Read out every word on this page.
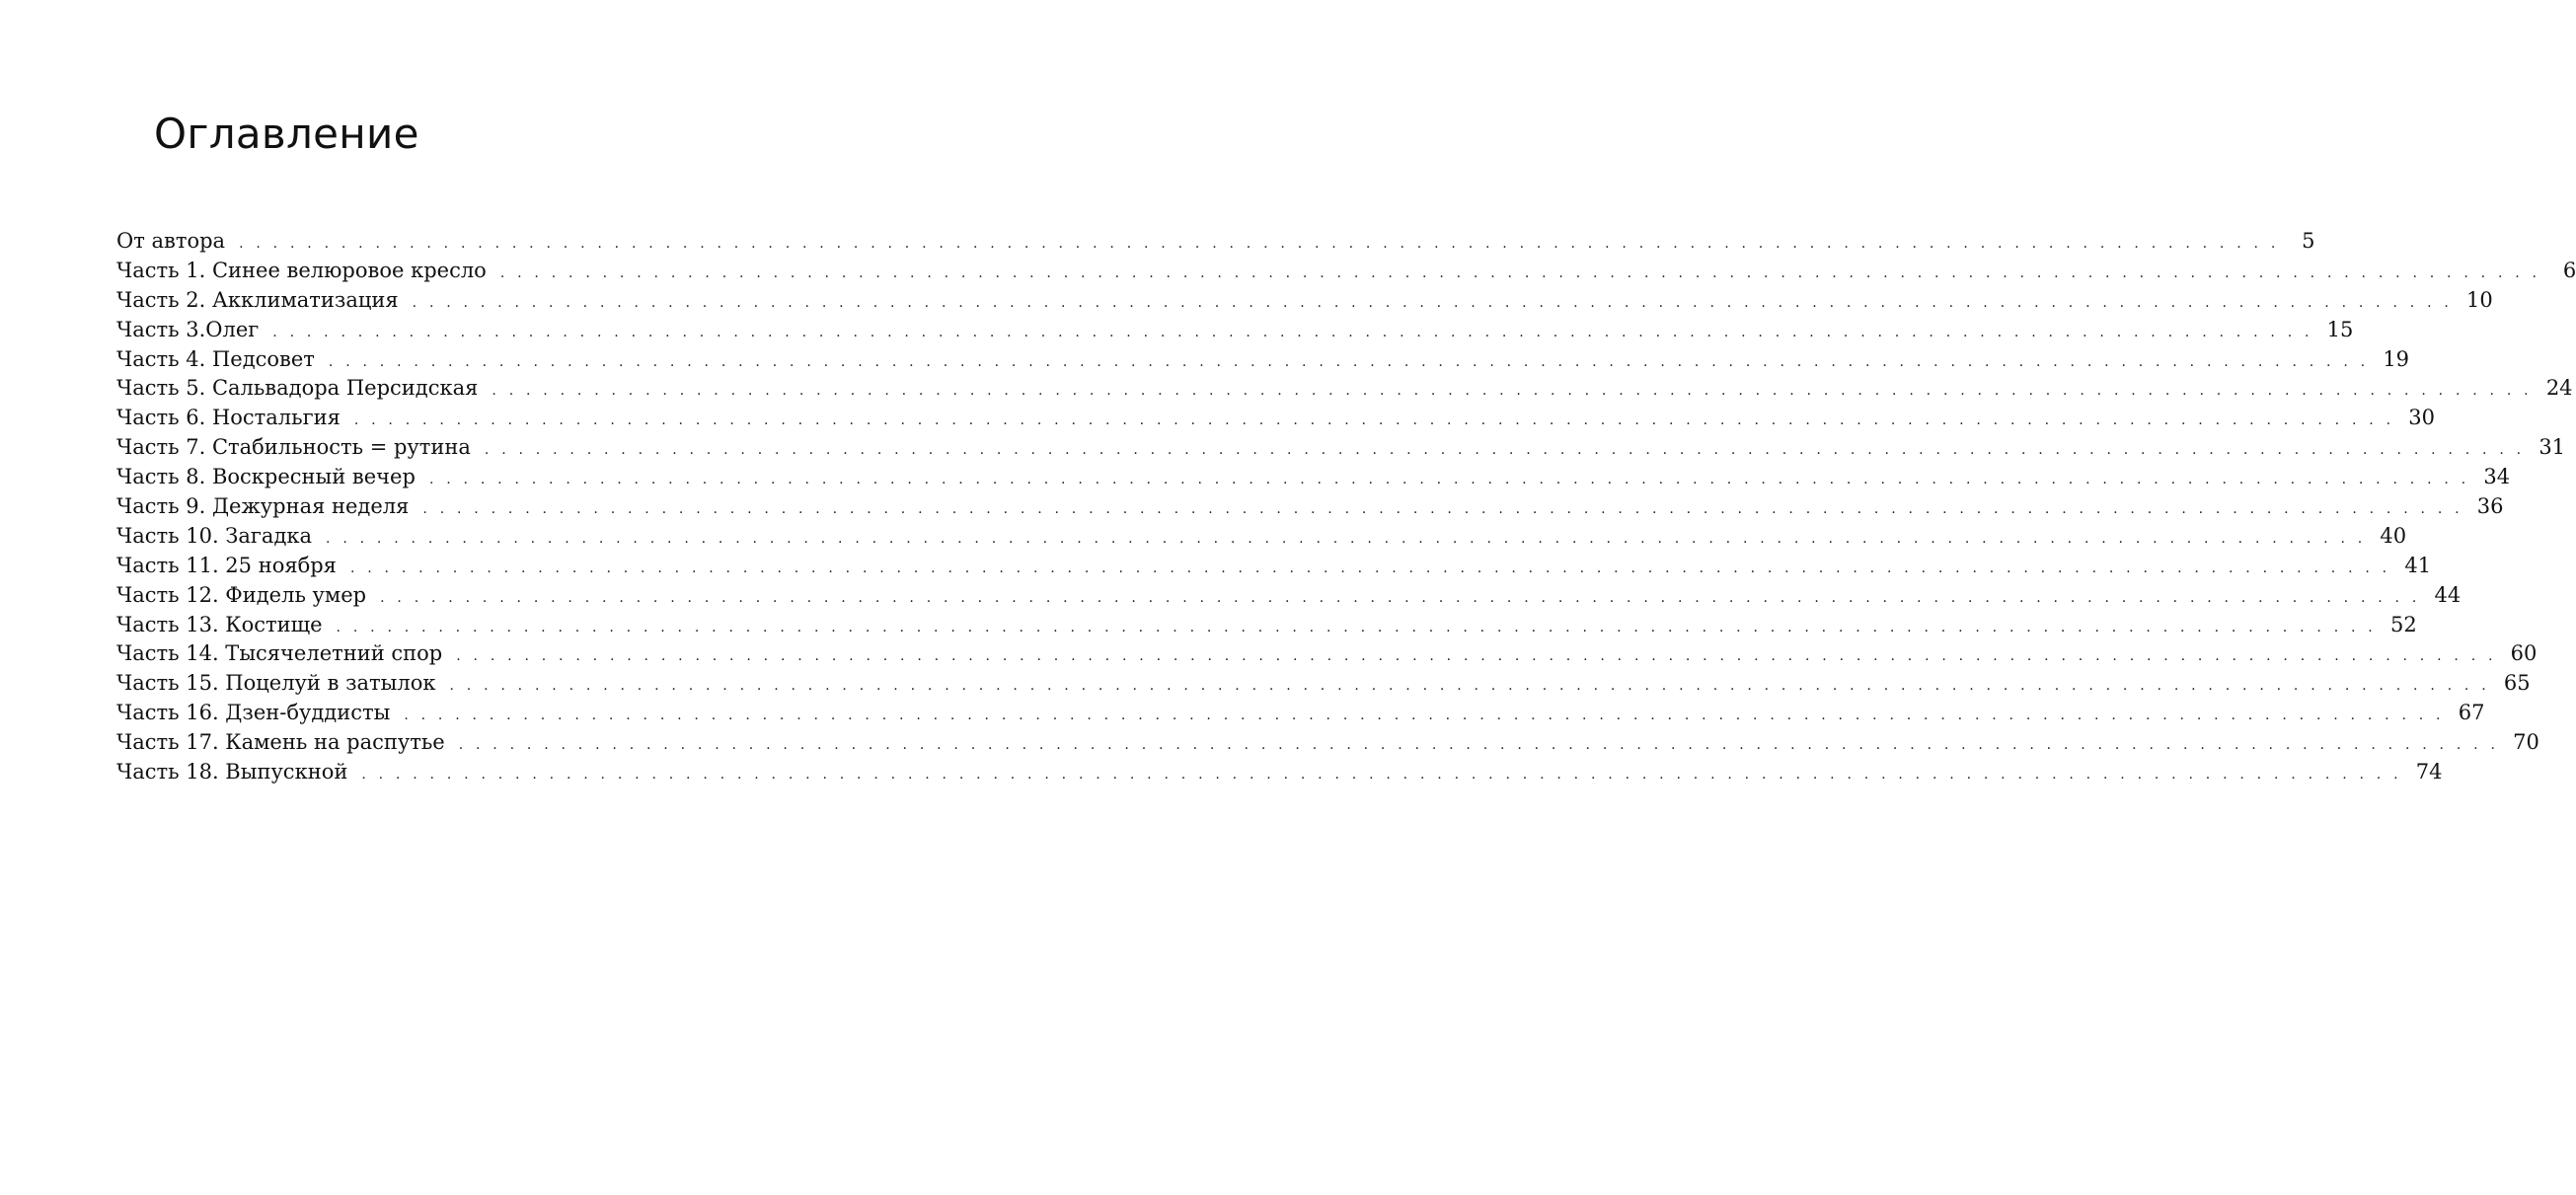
Оглавление
От автора . . . . . . . . . . . . . . . . . . . . . . . . . . . . . . . . . . . . . . . . . . . . . . . . . . . . . . . . . . . . . . . . . . . . . . . . . . . . . . . . . . . . . . . . . . . . . . . . . . . . . . . . . . . . . . . . . . . . . . . .	5
Часть 1. Синее велюровое кресло . . . . . . . . . . . . . . . . . . . . . . . . . . . . . . . . . . . . . . . . . . . . . . . . . . . . . . . . . . . . . . . . . . . . . . . . . . . . . . . . . . . . . . . . . . . . . . . . . . . . . . . . . . . . . . . . . . . . . . . .	6
Часть 2. Акклиматизация . . . . . . . . . . . . . . . . . . . . . . . . . . . . . . . . . . . . . . . . . . . . . . . . . . . . . . . . . . . . . . . . . . . . . . . . . . . . . . . . . . . . . . . . . . . . . . . . . . . . . . . . . . . . . . . . . . . . . . . . 10
Часть 3.Олег . . . . . . . . . . . . . . . . . . . . . . . . . . . . . . . . . . . . . . . . . . . . . . . . . . . . . . . . . . . . . . . . . . . . . . . . . . . . . . . . . . . . . . . . . . . . . . . . . . . . . . . . . . . . . . . . . . . . . . . . 15
Часть 4. Педсовет . . . . . . . . . . . . . . . . . . . . . . . . . . . . . . . . . . . . . . . . . . . . . . . . . . . . . . . . . . . . . . . . . . . . . . . . . . . . . . . . . . . . . . . . . . . . . . . . . . . . . . . . . . . . . . . . . . . . . . . . 19
Часть 5. Сальвадора Персидская . . . . . . . . . . . . . . . . . . . . . . . . . . . . . . . . . . . . . . . . . . . . . . . . . . . . . . . . . . . . . . . . . . . . . . . . . . . . . . . . . . . . . . . . . . . . . . . . . . . . . . . . . . . . . . . . . . . . . . . . 24
Часть 6. Ностальгия . . . . . . . . . . . . . . . . . . . . . . . . . . . . . . . . . . . . . . . . . . . . . . . . . . . . . . . . . . . . . . . . . . . . . . . . . . . . . . . . . . . . . . . . . . . . . . . . . . . . . . . . . . . . . . . . . . . . . . . . 30
Часть 7. Стабильность = рутина . . . . . . . . . . . . . . . . . . . . . . . . . . . . . . . . . . . . . . . . . . . . . . . . . . . . . . . . . . . . . . . . . . . . . . . . . . . . . . . . . . . . . . . . . . . . . . . . . . . . . . . . . . . . . . . . . . . . . . . . 31
Часть 8. Воскресный вечер . . . . . . . . . . . . . . . . . . . . . . . . . . . . . . . . . . . . . . . . . . . . . . . . . . . . . . . . . . . . . . . . . . . . . . . . . . . . . . . . . . . . . . . . . . . . . . . . . . . . . . . . . . . . . . . . . . . . . . . . 34
Часть 9. Дежурная неделя . . . . . . . . . . . . . . . . . . . . . . . . . . . . . . . . . . . . . . . . . . . . . . . . . . . . . . . . . . . . . . . . . . . . . . . . . . . . . . . . . . . . . . . . . . . . . . . . . . . . . . . . . . . . . . . . . . . . . . . . 36
Часть 10. Загадка . . . . . . . . . . . . . . . . . . . . . . . . . . . . . . . . . . . . . . . . . . . . . . . . . . . . . . . . . . . . . . . . . . . . . . . . . . . . . . . . . . . . . . . . . . . . . . . . . . . . . . . . . . . . . . . . . . . . . . . . 40
Часть 11. 25 ноября . . . . . . . . . . . . . . . . . . . . . . . . . . . . . . . . . . . . . . . . . . . . . . . . . . . . . . . . . . . . . . . . . . . . . . . . . . . . . . . . . . . . . . . . . . . . . . . . . . . . . . . . . . . . . . . . . . . . . . . . 41
Часть 12. Фидель умер . . . . . . . . . . . . . . . . . . . . . . . . . . . . . . . . . . . . . . . . . . . . . . . . . . . . . . . . . . . . . . . . . . . . . . . . . . . . . . . . . . . . . . . . . . . . . . . . . . . . . . . . . . . . . . . . . . . . . . . . 44
Часть 13. Костище . . . . . . . . . . . . . . . . . . . . . . . . . . . . . . . . . . . . . . . . . . . . . . . . . . . . . . . . . . . . . . . . . . . . . . . . . . . . . . . . . . . . . . . . . . . . . . . . . . . . . . . . . . . . . . . . . . . . . . . . 52
Часть 14. Тысячелетний спор . . . . . . . . . . . . . . . . . . . . . . . . . . . . . . . . . . . . . . . . . . . . . . . . . . . . . . . . . . . . . . . . . . . . . . . . . . . . . . . . . . . . . . . . . . . . . . . . . . . . . . . . . . . . . . . . . . . . . . . . 60
Часть 15. Поцелуй в затылок . . . . . . . . . . . . . . . . . . . . . . . . . . . . . . . . . . . . . . . . . . . . . . . . . . . . . . . . . . . . . . . . . . . . . . . . . . . . . . . . . . . . . . . . . . . . . . . . . . . . . . . . . . . . . . . . . . . . . . . . 65
Часть 16. Дзен-буддисты . . . . . . . . . . . . . . . . . . . . . . . . . . . . . . . . . . . . . . . . . . . . . . . . . . . . . . . . . . . . . . . . . . . . . . . . . . . . . . . . . . . . . . . . . . . . . . . . . . . . . . . . . . . . . . . . . . . . . . . . 67
Часть 17. Камень на распутье . . . . . . . . . . . . . . . . . . . . . . . . . . . . . . . . . . . . . . . . . . . . . . . . . . . . . . . . . . . . . . . . . . . . . . . . . . . . . . . . . . . . . . . . . . . . . . . . . . . . . . . . . . . . . . . . . . . . . . . . 70
Часть 18. Выпускной . . . . . . . . . . . . . . . . . . . . . . . . . . . . . . . . . . . . . . . . . . . . . . . . . . . . . . . . . . . . . . . . . . . . . . . . . . . . . . . . . . . . . . . . . . . . . . . . . . . . . . . . . . . . . . . . . . . . . . . . 74
